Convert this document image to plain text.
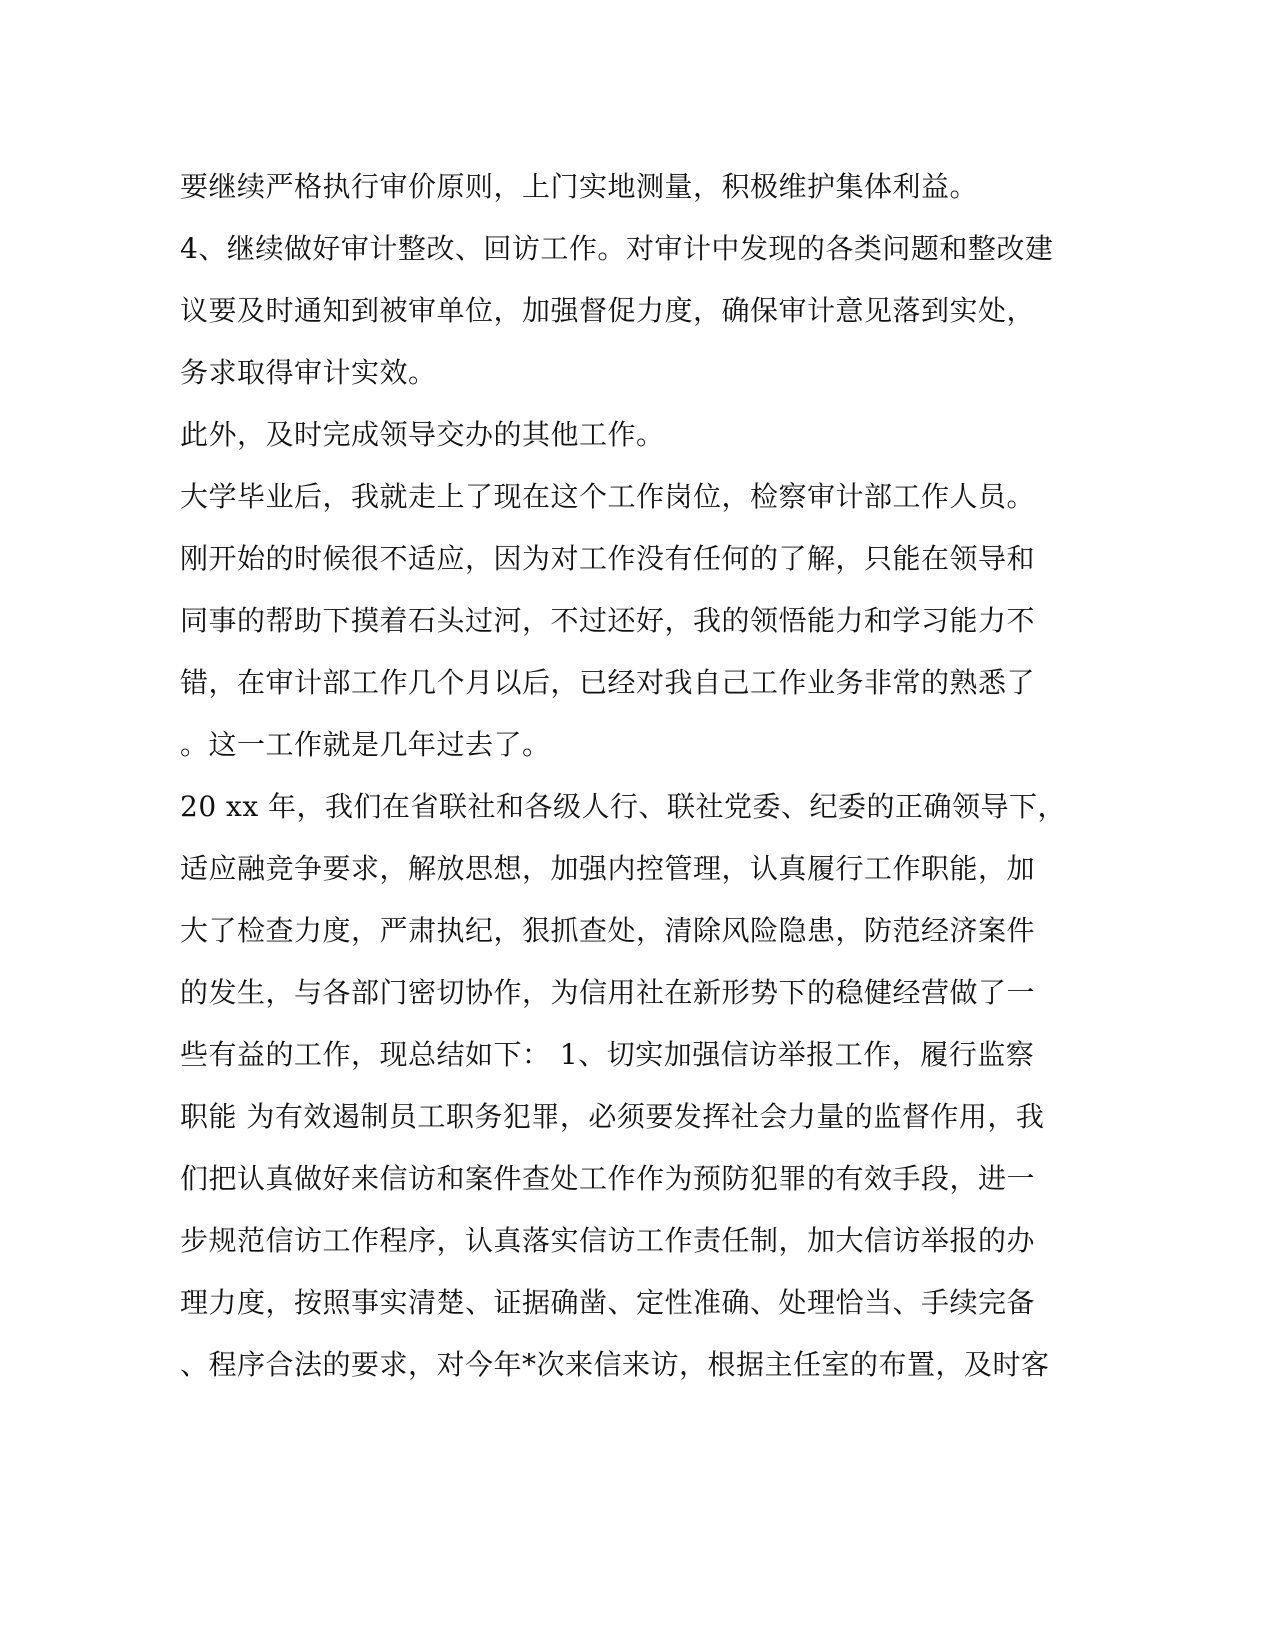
要继续严格执行审价原则，上门实地测量，积极维护集体利益。
4、继续做好审计整改、回访工作。对审计中发现的各类问题和整改建
议要及时通知到被审单位，加强督促力度，确保审计意见落到实处，
务求取得审计实效。
此外，及时完成领导交办的其他工作。
大学毕业后，我就走上了现在这个工作岗位，检察审计部工作人员。
刚开始的时候很不适应，因为对工作没有任何的了解，只能在领导和
同事的帮助下摸着石头过河，不过还好，我的领悟能力和学习能力不
错，在审计部工作几个月以后，已经对我自己工作业务非常的熟悉了
。这一工作就是几年过去了。
20 xx 年，我们在省联社和各级人行、联社党委、纪委的正确领导下，
适应融竞争要求，解放思想，加强内控管理，认真履行工作职能，加
大了检查力度，严肃执纪，狠抓查处，清除风险隐患，防范经济案件
的发生，与各部门密切协作，为信用社在新形势下的稳健经营做了一
些有益的工作，现总结如下： 1、切实加强信访举报工作，履行监察
职能 为有效遏制员工职务犯罪，必须要发挥社会力量的监督作用，我
们把认真做好来信访和案件查处工作作为预防犯罪的有效手段，进一
步规范信访工作程序，认真落实信访工作责任制，加大信访举报的办
理力度，按照事实清楚、证据确凿、定性准确、处理恰当、手续完备
、程序合法的要求，对今年*次来信来访，根据主任室的布置，及时客
